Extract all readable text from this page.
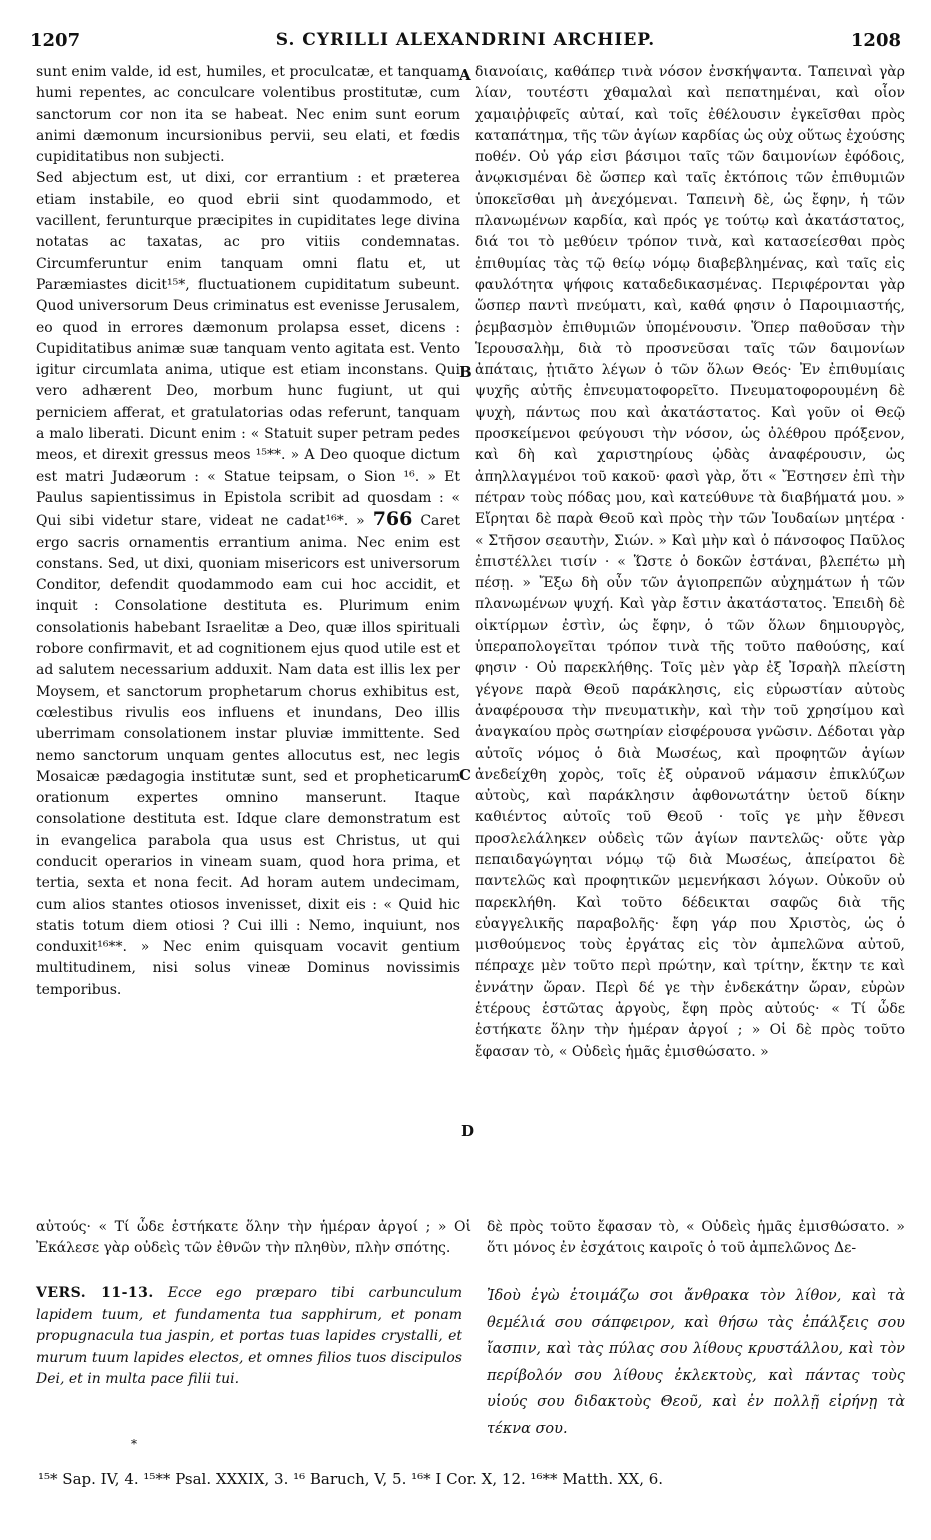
1207	S. CYRILLI ALEXANDRINI ARCHIEP.	1208

sunt enim valde, id est, humiles, et proculcatæ, et tanquam humi repentes, ac conculcare volentibus prostitutæ, cum sanctorum cor non ita se habeat. Nec enim sunt eorum animi dæmonum incursionibus pervii, seu elati, et fœdis cupiditatibus non subjecti.

Sed abjectum est, ut dixi, cor errantium : et præterea etiam instabile, eo quod ebrii sint quodammodo, et vacillent, ferunturque præcipites in cupiditates lege divina notatas ac taxatas, ac pro vitiis condemnatas. Circumferuntur enim tanquam omni flatu et, ut Paræmiastes dicit¹⁵*, fluctuationem cupiditatum subeunt. Quod universorum Deus criminatus est evenisse Jerusalem, eo quod in errores dæmonum prolapsa esset, dicens : Cupiditatibus animæ suæ tanquam vento agitata est. Vento igitur circumlata anima, utique est etiam inconstans. Qui vero adhærent Deo, morbum hunc fugiunt, ut qui perniciem afferat, et gratulatorias odas referunt, tanquam a malo liberati. Dicunt enim : « Statuit super petram pedes meos, et direxit gressus meos ¹⁵**. » A Deo quoque dictum est matri Judæorum : « Statue teipsam, o Sion ¹⁶. » Et Paulus sapientissimus in Epistola scribit ad quosdam : « Qui sibi videtur stare, videat ne cadat¹⁶*. » 766 Caret ergo sacris ornamentis errantium anima. Nec enim est constans. Sed, ut dixi, quoniam misericors est universorum Conditor, defendit quodammodo eam cui hoc accidit, et inquit : Consolatione destituta es. Plurimum enim consolationis habebant Israelitæ a Deo, quæ illos spirituali robore confirmavit, et ad cognitionem ejus quod utile est et ad salutem necessarium adduxit. Nam data est illis lex per Moysem, et sanctorum prophetarum chorus exhibitus est, cœlestibus rivulis eos influens et inundans, Deo illis uberrimam consolationem instar pluviæ immittente. Sed nemo sanctorum unquam gentes allocutus est, nec legis Mosaicæ pædagogia institutæ sunt, sed et propheticarum orationum expertes omnino manserunt. Itaque consolatione destituta est. Idque clare demonstratum est in evangelica parabola qua usus est Christus, ut qui conducit operarios in vineam suam, quod hora prima, et tertia, sexta et nona fecit. Ad horam autem undecimam, cum alios stantes otiosos invenisset, dixit eis : « Quid hic statis totum diem otiosi ? Cui illi : Nemo, inquiunt, nos conduxit¹⁶**. » Nec enim quisquam vocavit gentium multitudinem, nisi solus vineæ Dominus novissimis temporibus.

A
B
C
D

διανοίαις, καθάπερ τινὰ νόσον ἐνσκήψαντα. Ταπειναὶ γὰρ λίαν, τουτέστι χθαμαλαὶ καὶ πεπατημέναι, καὶ οἷον χαμαιῤῥιφεῖς αὐταί, καὶ τοῖς ἐθέλουσιν ἐγκεῖσθαι πρὸς καταπάτημα, τῆς τῶν ἁγίων καρδίας ὡς οὐχ οὕτως ἐχούσης ποθέν. Οὐ γάρ εἰσι βάσιμοι ταῖς τῶν δαιμονίων ἐφόδοις, ἀνῳκισμέναι δὲ ὥσπερ καὶ ταῖς ἐκτόποις τῶν ἐπιθυμιῶν ὑποκεῖσθαι μὴ ἀνεχόμεναι. Ταπεινὴ δὲ, ὡς ἔφην, ἡ τῶν πλανωμένων καρδία, καὶ πρός γε τούτῳ καὶ ἀκατάστατος, διά τοι τὸ μεθύειν τρόπον τινὰ, καὶ κατασείεσθαι πρὸς ἐπιθυμίας τὰς τῷ θείῳ νόμῳ διαβεβλημένας, καὶ ταῖς εἰς φαυλότητα ψήφοις καταδεδικασμένας. Περιφέρονται γὰρ ὥσπερ παντὶ πνεύματι, καὶ, καθά φησιν ὁ Παροιμιαστής, ῥεμβασμὸν ἐπιθυμιῶν ὑπομένουσιν. Ὅπερ παθοῦσαν τὴν Ἱερουσαλὴμ, διὰ τὸ προσνεῦσαι ταῖς τῶν δαιμονίων ἀπάταις, ᾐτιᾶτο λέγων ὁ τῶν ὅλων Θεός· Ἐν ἐπιθυμίαις ψυχῆς αὐτῆς ἐπνευματοφορεῖτο. Πνευματοφορουμένη δὲ ψυχὴ, πάντως που καὶ ἀκατάστατος. Καὶ γοῦν οἱ Θεῷ προσκείμενοι φεύγουσι τὴν νόσον, ὡς ὀλέθρου πρόξενον, καὶ δὴ καὶ χαριστηρίους ᾠδὰς ἀναφέρουσιν, ὡς ἀπηλλαγμένοι τοῦ κακοῦ· φασὶ γὰρ, ὅτι « Ἔστησεν ἐπὶ τὴν πέτραν τοὺς πόδας μου, καὶ κατεύθυνε τὰ διαβήματά μου. » Εἴρηται δὲ παρὰ Θεοῦ καὶ πρὸς τὴν τῶν Ἰουδαίων μητέρα · « Στῆσον σεαυτὴν, Σιών. » Καὶ μὴν καὶ ὁ πάνσοφος Παῦλος ἐπιστέλλει τισίν · « Ὥστε ὁ δοκῶν ἑστάναι, βλεπέτω μὴ πέσῃ. » Ἔξω δὴ οὖν τῶν ἁγιοπρεπῶν αὐχημάτων ἡ τῶν πλανωμένων ψυχή. Καὶ γὰρ ἔστιν ἀκατάστατος. Ἐπειδὴ δὲ οἰκτίρμων ἐστὶν, ὡς ἔφην, ὁ τῶν ὅλων δημιουργὸς, ὑπεραπολογεῖται τρόπον τινὰ τῆς τοῦτο παθούσης, καί φησιν · Οὐ παρεκλήθης. Τοῖς μὲν γὰρ ἐξ Ἰσραὴλ πλείστη γέγονε παρὰ Θεοῦ παράκλησις, εἰς εὐρωστίαν αὐτοὺς ἀναφέρουσα τὴν πνευματικὴν, καὶ τὴν τοῦ χρησίμου καὶ ἀναγκαίου πρὸς σωτηρίαν εἰσφέρουσα γνῶσιν. Δέδοται γὰρ αὐτοῖς νόμος ὁ διὰ Μωσέως, καὶ προφητῶν ἁγίων ἀνεδείχθη χορὸς, τοῖς ἐξ οὐρανοῦ νάμασιν ἐπικλύζων αὐτοὺς, καὶ παράκλησιν ἀφθονωτάτην ὑετοῦ δίκην καθιέντος αὐτοῖς τοῦ Θεοῦ · τοῖς γε μὴν ἔθνεσι προσλελάληκεν οὐδεὶς τῶν ἁγίων παντελῶς· οὔτε γὰρ πεπαιδαγώγηται νόμῳ τῷ διὰ Μωσέως, ἀπείρατοι δὲ παντελῶς καὶ προφητικῶν μεμενήκασι λόγων. Οὐκοῦν οὐ παρεκλήθη. Καὶ τοῦτο δέδεικται σαφῶς διὰ τῆς εὐαγγελικῆς παραβολῆς· ἔφη γάρ που Χριστὸς, ὡς ὁ μισθούμενος τοὺς ἐργάτας εἰς τὸν ἀμπελῶνα αὐτοῦ, πέπραχε μὲν τοῦτο περὶ πρώτην, καὶ τρίτην, ἕκτην τε καὶ ἐννάτην ὥραν. Περὶ δέ γε τὴν ἑνδεκάτην ὥραν, εὑρὼν ἑτέρους ἑστῶτας ἀργοὺς, ἔφη πρὸς αὐτούς· « Τί ὧδε ἑστήκατε ὅλην τὴν ἡμέραν ἀργοί ; » Οἱ δὲ πρὸς τοῦτο ἔφασαν τὸ, « Οὐδεὶς ἡμᾶς ἐμισθώσατο. »

αὐτούς· « Τί ὧδε ἑστήκατε ὅλην τὴν ἡμέραν ἀργοί ; » Οἱ Ἐκάλεσε γὰρ οὐδεὶς τῶν ἐθνῶν τὴν πληθὺν, πλὴν σπότης.
δὲ πρὸς τοῦτο ἔφασαν τὸ, « Οὐδεὶς ἡμᾶς ἐμισθώσατο. » ὅτι μόνος ἐν ἐσχάτοις καιροῖς ὁ τοῦ ἀμπελῶνος Δε-
VERS. 11-13. Ecce ego præparo tibi carbunculum lapidem tuum, et fundamenta tua sapphirum, et ponam propugnacula tua jaspin, et portas tuas lapides crystalli, et murum tuum lapides electos, et omnes filios tuos discipulos Dei, et in multa pace filii tui.
Ἰδοὺ ἐγὼ ἑτοιμάζω σοι ἄνθρακα τὸν λίθον, καὶ τὰ θεμέλιά σου σάπφειρον, καὶ θήσω τὰς ἐπάλξεις σου ἴασπιν, καὶ τὰς πύλας σου λίθους κρυστάλλου, καὶ τὸν περίβολόν σου λίθους ἐκλεκτοὺς, καὶ πάντας τοὺς υἱούς σου διδακτοὺς Θεοῦ, καὶ ἐν πολλῇ εἰρήνῃ τὰ τέκνα σου.
*
¹⁵* Sap. IV, 4. ¹⁵** Psal. XXXIX, 3. ¹⁶ Baruch, V, 5. ¹⁶* I Cor. X, 12. ¹⁶** Matth. XX, 6.
